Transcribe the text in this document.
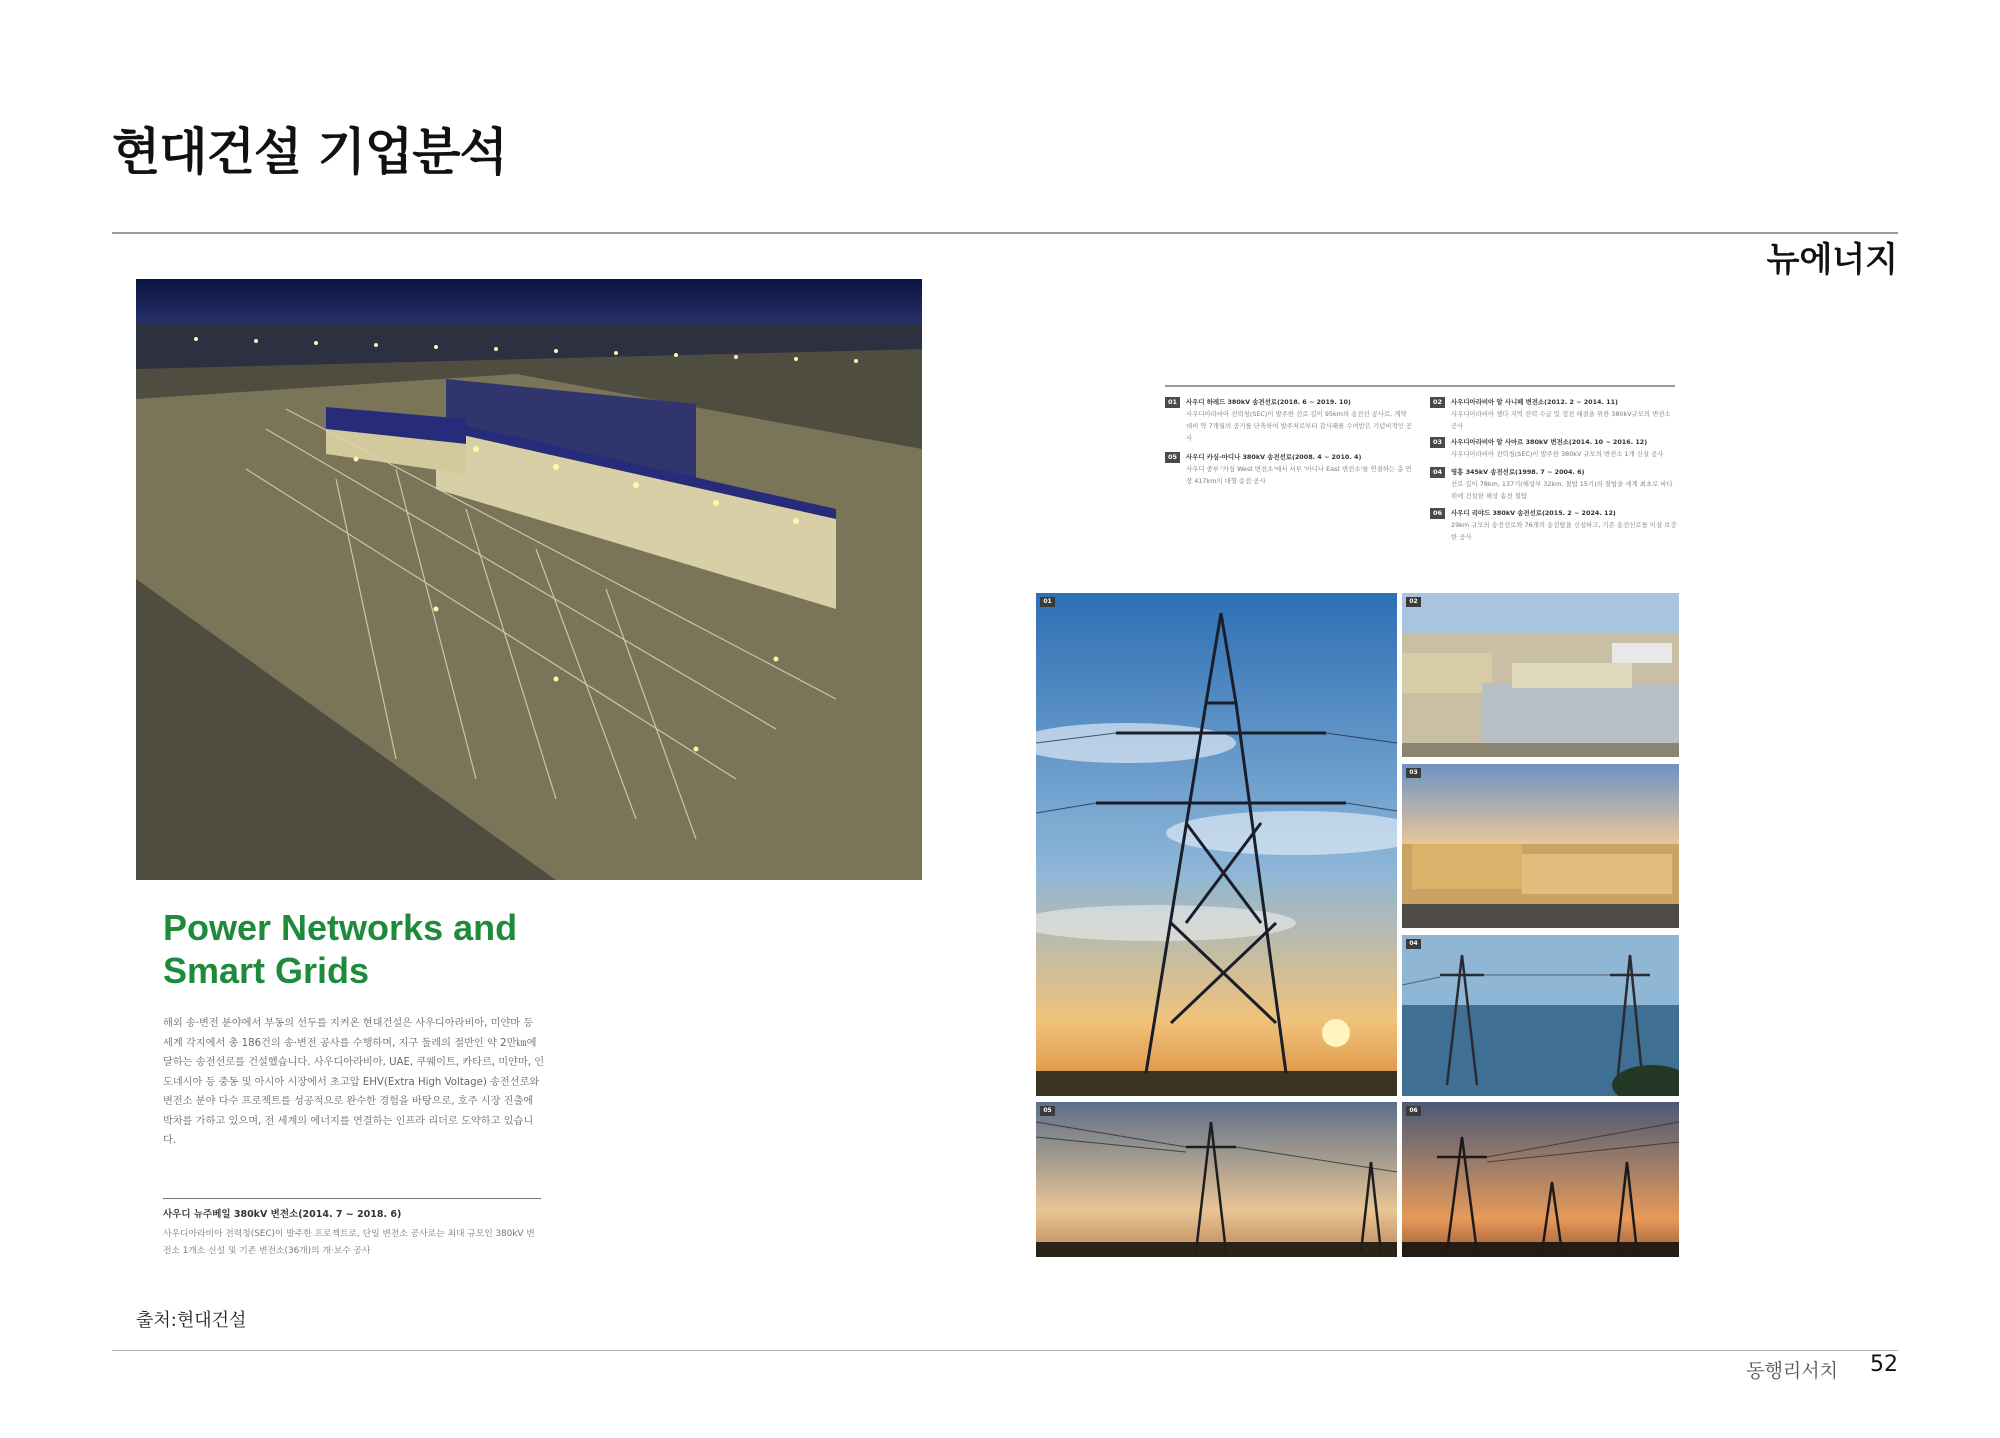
현대건설 기업분석
뉴에너지
Power Networks and
Smart Grids
해외 송·변전 분야에서 부동의 선두를 지켜온 현대건설은 사우디아라비아, 미얀마 등 세계 각지에서 총 186건의 송·변전 공사를 수행하며, 지구 둘레의 절반인 약 2만㎞에 달하는 송전선로를 건설했습니다. 사우디아라비아, UAE, 쿠웨이트, 카타르, 미얀마, 인도네시아 등 중동 및 아시아 시장에서 초고압 EHV(Extra High Voltage) 송전선로와 변전소 분야 다수 프로젝트를 성공적으로 완수한 경험을 바탕으로, 호주 시장 진출에 박차를 가하고 있으며, 전 세계의 에너지를 연결하는 인프라 리더로 도약하고 있습니다.
사우디 뉴주베일 380kV 변전소(2014. 7 ~ 2018. 6)
사우디아라비아 전력청(SEC)이 발주한 프로젝트로, 단일 변전소 공사로는 최대 규모인 380kV 변전소 1개소 신설 및 기존 변전소(36개)의 개·보수 공사
01	사우디 하레드 380kV 송전선로(2018. 6 ~ 2019. 10)
사우디아라비아 전력청(SEC)이 발주한 선로 길이 95km의 송전선 공사로, 계약 대비 약 7개월의 공기를 단축하여 발주처로부터 감사패를 수여받은 기념비적인 공사
05	사우디 카심-마디나 380kV 송전선로(2008. 4 ~ 2010. 4)
사우디 중부 '카심 West 변전소'에서 서부 '마디나 East 변전소'를 연결하는 총 연장 417km의 대형 송전 공사
02	사우디아라비아 알 사니페 변전소(2012. 2 ~ 2014. 11)
사우디아라비아 쟁다 지역 전력 수급 및 정전 해결을 위한 380kV규모의 변전소 공사
03	사우디아라비아 알 사마르 380kV 변전소(2014. 10 ~ 2016. 12)
사우디아라비아 전력청(SEC)이 발주한 380kV 규모의 변전소 1개 신설 공사
04	영흥 345kV 송전선로(1998. 7 ~ 2004. 6)
선로 길이 78km, 137기(해상부 32km, 철탑 15기)의 철탑을 세계 최초로 바다 위에 건설한 해상 송전 철탑
06	사우디 리야드 380kV 송전선로(2015. 2 ~ 2024. 12)
29km 규모의 송전선로와 76개의 송전탑을 신설하고, 기존 송전선로를 이설 보강한 공사
01	02
03
04
05	06
출처:현대건설
동행리서치 52
